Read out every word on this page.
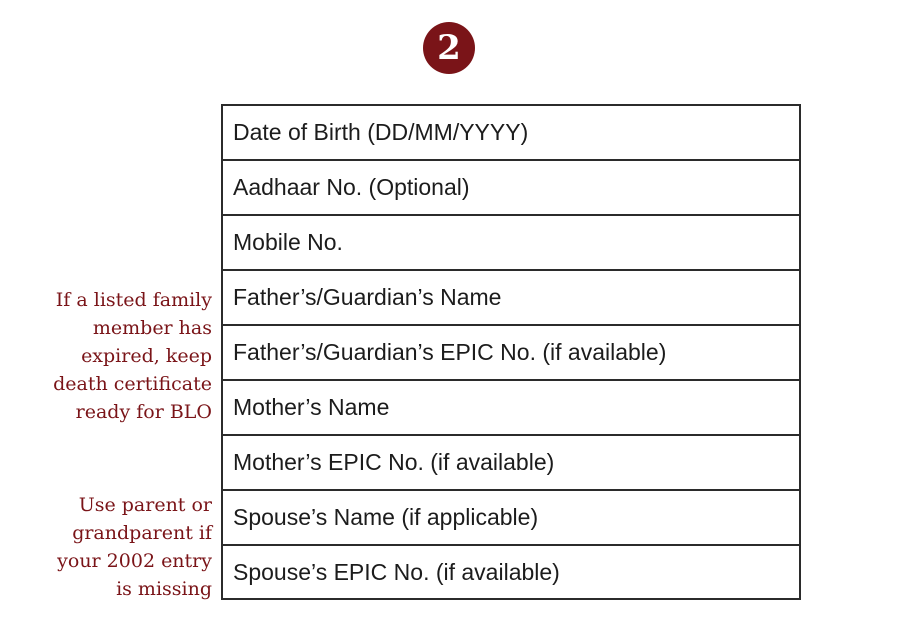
2
Date of Birth (DD/MM/YYYY)
Aadhaar No. (Optional)
Mobile No.
Father’s/Guardian’s Name
Father’s/Guardian’s EPIC No. (if available)
Mother’s Name
Mother’s EPIC No. (if available)
Spouse’s Name (if applicable)
Spouse’s EPIC No. (if available)
If a listed family
member has
expired, keep
death certificate
ready for BLO
Use parent or
grandparent if
your 2002 entry
is missing
